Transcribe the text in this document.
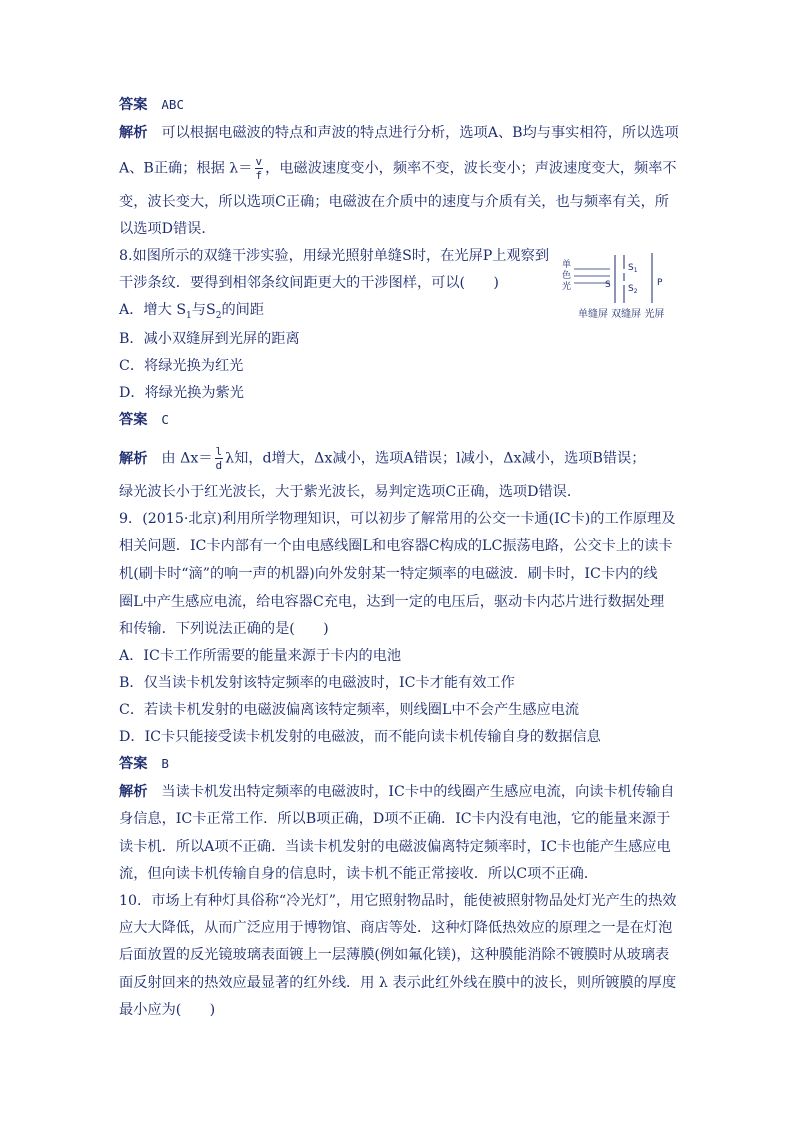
答案 ABC
解析 可以根据电磁波的特点和声波的特点进行分析，选项A、B均与事实相符，所以选项
A、B正确；根据 $\lambda= \frac{v}{f}$ ，电磁波速度变小，频率不变，波长变小；声波速度变大，频率不
变，波长变大，所以选项C正确；电磁波在介质中的速度与介质有关，也与频率有关，所
以选项D错误．
8.如图所示的双缝干涉实验，用绿光照射单缝S时，在光屏P上观察到
干涉条纹．要得到相邻条纹间距更大的干涉图样，可以(　　)
A．增大 $S_1$与$S_2$的间距
B．减小双缝屏到光屏的距离
C．将绿光换为红光
D．将绿光换为紫光
答案 C
解析 由 $\Delta x= \frac{l}{d}$ λ知，d增大，Δx减小，选项A错误；l减小，Δx减小，选项B错误；
绿光波长小于红光波长，大于紫光波长，易判定选项C正确，选项D错误．
单
色
光	S
$S_1$
$S_2$
P
单缝屏 双缝屏 光屏
9．(2015·北京)利用所学物理知识，可以初步了解常用的公交一卡通(IC卡)的工作原理及
相关问题．IC卡内部有一个由电感线圈L和电容器C构成的LC振荡电路，公交卡上的读卡
机(刷卡时“滴”的响一声的机器)向外发射某一特定频率的电磁波．刷卡时，IC卡内的线
圈L中产生感应电流，给电容器C充电，达到一定的电压后，驱动卡内芯片进行数据处理
和传输．下列说法正确的是(　　)
A．IC卡工作所需要的能量来源于卡内的电池
B．仅当读卡机发射该特定频率的电磁波时，IC卡才能有效工作
C．若读卡机发射的电磁波偏离该特定频率，则线圈L中不会产生感应电流
D．IC卡只能接受读卡机发射的电磁波，而不能向读卡机传输自身的数据信息
答案 B
解析 当读卡机发出特定频率的电磁波时，IC卡中的线圈产生感应电流，向读卡机传输自
身信息，IC卡正常工作．所以B项正确，D项不正确．IC卡内没有电池，它的能量来源于
读卡机．所以A项不正确．当读卡机发射的电磁波偏离特定频率时，IC卡也能产生感应电
流，但向读卡机传输自身的信息时，读卡机不能正常接收．所以C项不正确．
10．市场上有种灯具俗称“冷光灯”，用它照射物品时，能使被照射物品处灯光产生的热效
应大大降低，从而广泛应用于博物馆、商店等处．这种灯降低热效应的原理之一是在灯泡
后面放置的反光镜玻璃表面镀上一层薄膜(例如氟化镁)，这种膜能消除不镀膜时从玻璃表
面反射回来的热效应最显著的红外线．用 λ 表示此红外线在膜中的波长，则所镀膜的厚度
最小应为(　　)
